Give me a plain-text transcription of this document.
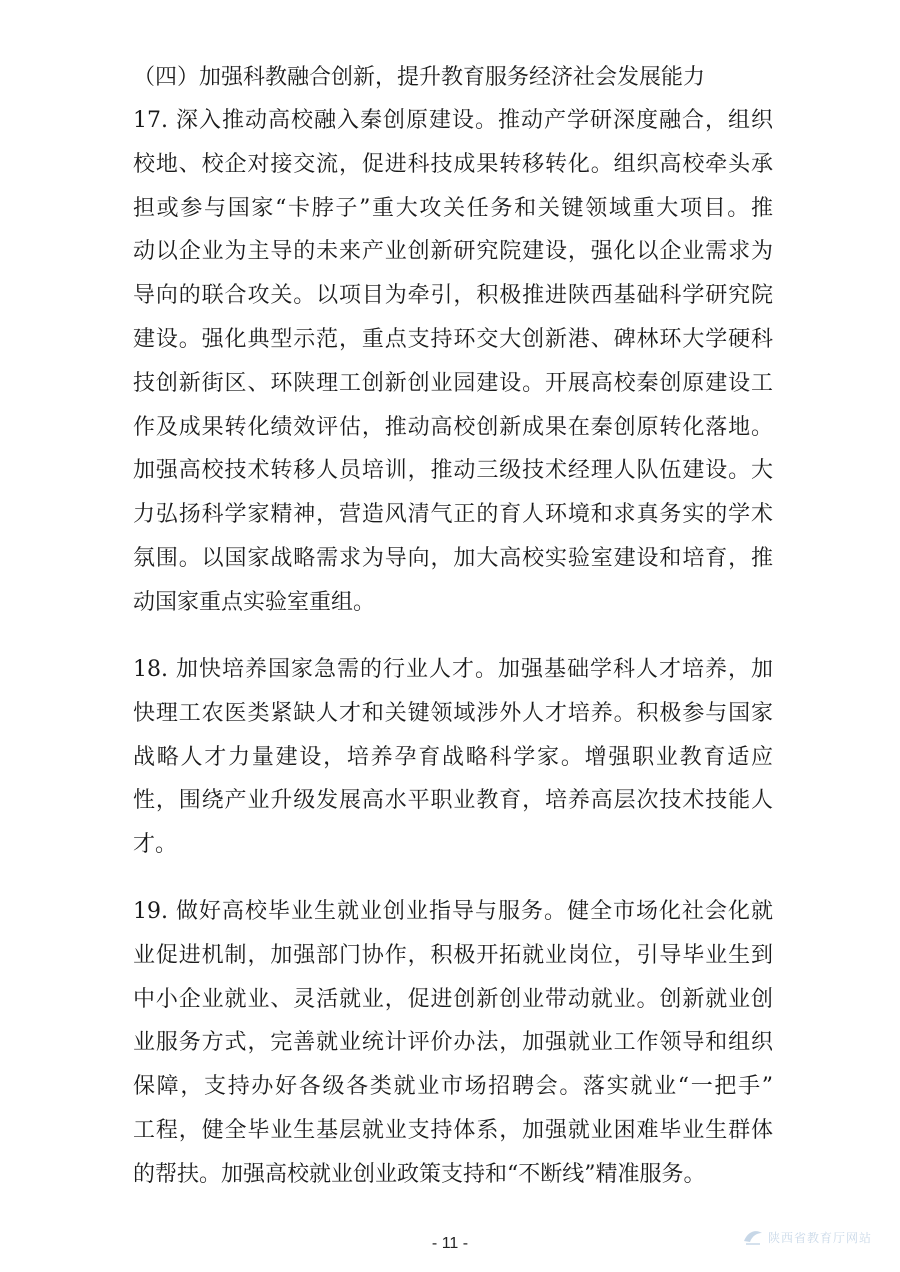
（四）加强科教融合创新，提升教育服务经济社会发展能力

17. 深入推动高校融入秦创原建设。推动产学研深度融合，组织
校地、校企对接交流，促进科技成果转移转化。组织高校牵头承
担或参与国家“卡脖子”重大攻关任务和关键领域重大项目。推
动以企业为主导的未来产业创新研究院建设，强化以企业需求为
导向的联合攻关。以项目为牵引，积极推进陕西基础科学研究院
建设。强化典型示范，重点支持环交大创新港、碑林环大学硬科
技创新街区、环陕理工创新创业园建设。开展高校秦创原建设工
作及成果转化绩效评估，推动高校创新成果在秦创原转化落地。
加强高校技术转移人员培训，推动三级技术经理人队伍建设。大
力弘扬科学家精神，营造风清气正的育人环境和求真务实的学术
氛围。以国家战略需求为导向，加大高校实验室建设和培育，推
动国家重点实验室重组。
18. 加快培养国家急需的行业人才。加强基础学科人才培养，加
快理工农医类紧缺人才和关键领域涉外人才培养。积极参与国家
战略人才力量建设，培养孕育战略科学家。增强职业教育适应
性，围绕产业升级发展高水平职业教育，培养高层次技术技能人
才。
19. 做好高校毕业生就业创业指导与服务。健全市场化社会化就
业促进机制，加强部门协作，积极开拓就业岗位，引导毕业生到
中小企业就业、灵活就业，促进创新创业带动就业。创新就业创
业服务方式，完善就业统计评价办法，加强就业工作领导和组织
保障，支持办好各级各类就业市场招聘会。落实就业“一把手”
工程，健全毕业生基层就业支持体系，加强就业困难毕业生群体
的帮扶。加强高校就业创业政策支持和“不断线”精准服务。
- 11 -	陕西省教育厅网站
